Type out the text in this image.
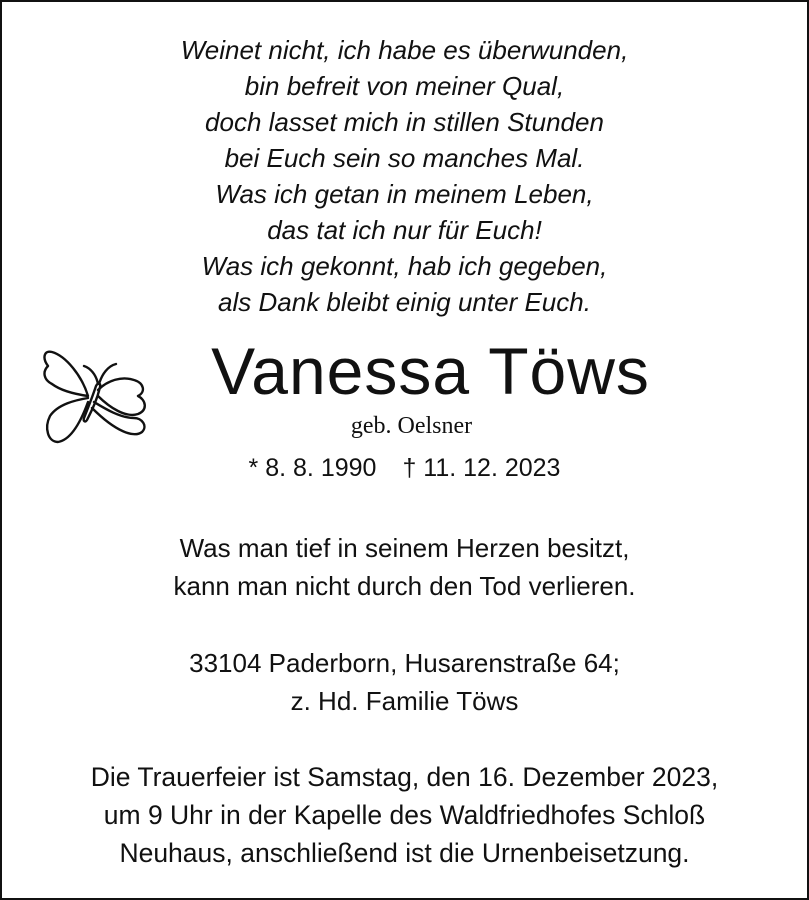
Weinet nicht, ich habe es überwunden,
bin befreit von meiner Qual,
doch lasset mich in stillen Stunden
bei Euch sein so manches Mal.
Was ich getan in meinem Leben,
das tat ich nur für Euch!
Was ich gekonnt, hab ich gegeben,
als Dank bleibt einig unter Euch.
Vanessa Töws
geb. Oelsner
* 8. 8. 1990 † 11. 12. 2023
Was man tief in seinem Herzen besitzt,
kann man nicht durch den Tod verlieren.
33104 Paderborn, Husarenstraße 64;
z. Hd. Familie Töws
Die Trauerfeier ist Samstag, den 16. Dezember 2023,
um 9 Uhr in der Kapelle des Waldfriedhofes Schloß
Neuhaus, anschließend ist die Urnenbeisetzung.
